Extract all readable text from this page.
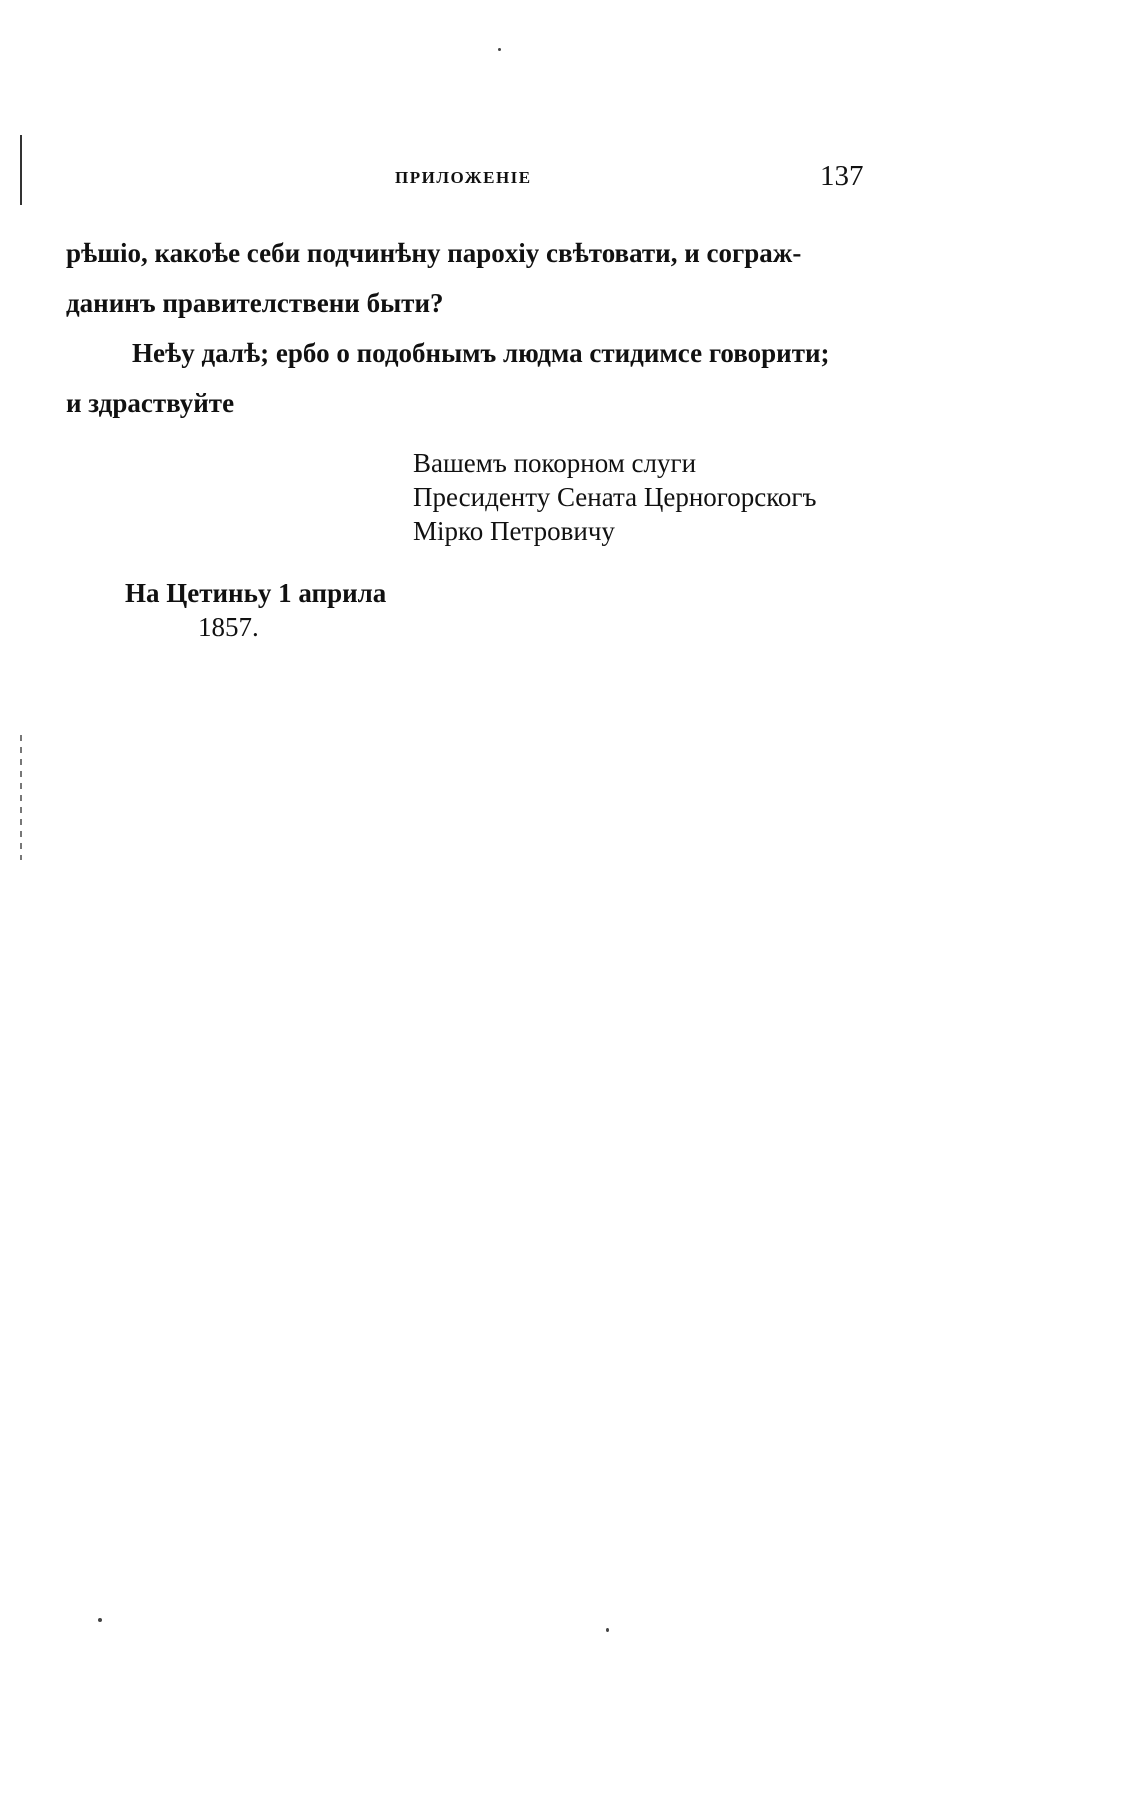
ПРИЛОЖЕНІЕ	137
рѣшіо, какоѣе себи подчинѣну пароxiу свѣтовати, и сограж-
данинъ правителствени быти?
Неѣу далѣ; ербо о подобнымъ людма стидимсе говорити;
и здраствуйте
Вашемъ покорном слуги
Пресиденту Сената Церногорскогъ
Mipко Петровичу
На Цетиньу 1 априла
1857.
